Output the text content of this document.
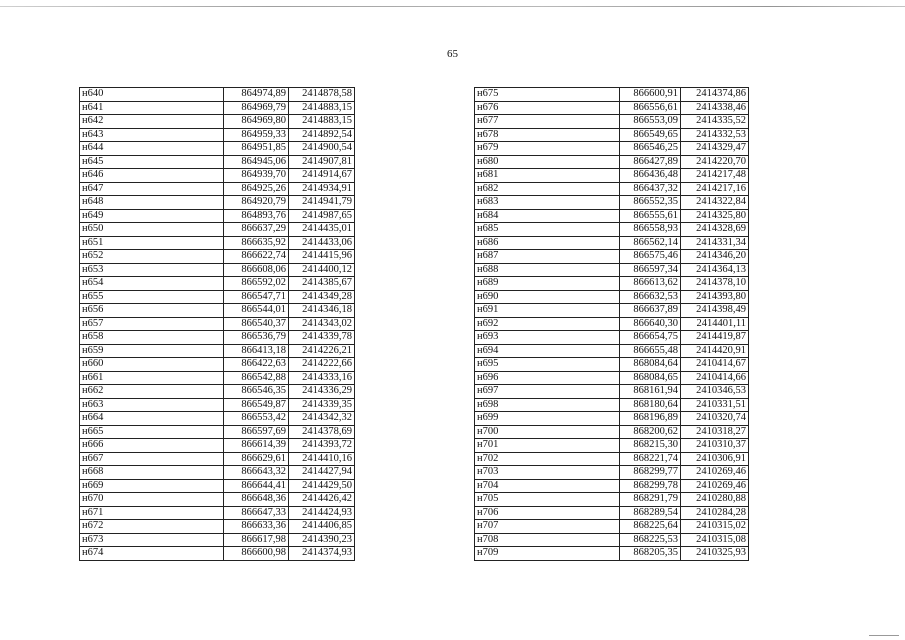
65
н640	864974,89	2414878,58
н641	864969,79	2414883,15
н642	864969,80	2414883,15
н643	864959,33	2414892,54
н644	864951,85	2414900,54
н645	864945,06	2414907,81
н646	864939,70	2414914,67
н647	864925,26	2414934,91
н648	864920,79	2414941,79
н649	864893,76	2414987,65
н650	866637,29	2414435,01
н651	866635,92	2414433,06
н652	866622,74	2414415,96
н653	866608,06	2414400,12
н654	866592,02	2414385,67
н655	866547,71	2414349,28
н656	866544,01	2414346,18
н657	866540,37	2414343,02
н658	866536,79	2414339,78
н659	866413,18	2414226,21
н660	866422,63	2414222,66
н661	866542,88	2414333,16
н662	866546,35	2414336,29
н663	866549,87	2414339,35
н664	866553,42	2414342,32
н665	866597,69	2414378,69
н666	866614,39	2414393,72
н667	866629,61	2414410,16
н668	866643,32	2414427,94
н669	866644,41	2414429,50
н670	866648,36	2414426,42
н671	866647,33	2414424,93
н672	866633,36	2414406,85
н673	866617,98	2414390,23
н674	866600,98	2414374,93
н675	866600,91	2414374,86
н676	866556,61	2414338,46
н677	866553,09	2414335,52
н678	866549,65	2414332,53
н679	866546,25	2414329,47
н680	866427,89	2414220,70
н681	866436,48	2414217,48
н682	866437,32	2414217,16
н683	866552,35	2414322,84
н684	866555,61	2414325,80
н685	866558,93	2414328,69
н686	866562,14	2414331,34
н687	866575,46	2414346,20
н688	866597,34	2414364,13
н689	866613,62	2414378,10
н690	866632,53	2414393,80
н691	866637,89	2414398,49
н692	866640,30	2414401,11
н693	866654,75	2414419,87
н694	866655,48	2414420,91
н695	868084,64	2410414,67
н696	868084,65	2410414,66
н697	868161,94	2410346,53
н698	868180,64	2410331,51
н699	868196,89	2410320,74
н700	868200,62	2410318,27
н701	868215,30	2410310,37
н702	868221,74	2410306,91
н703	868299,77	2410269,46
н704	868299,78	2410269,46
н705	868291,79	2410280,88
н706	868289,54	2410284,28
н707	868225,64	2410315,02
н708	868225,53	2410315,08
н709	868205,35	2410325,93
